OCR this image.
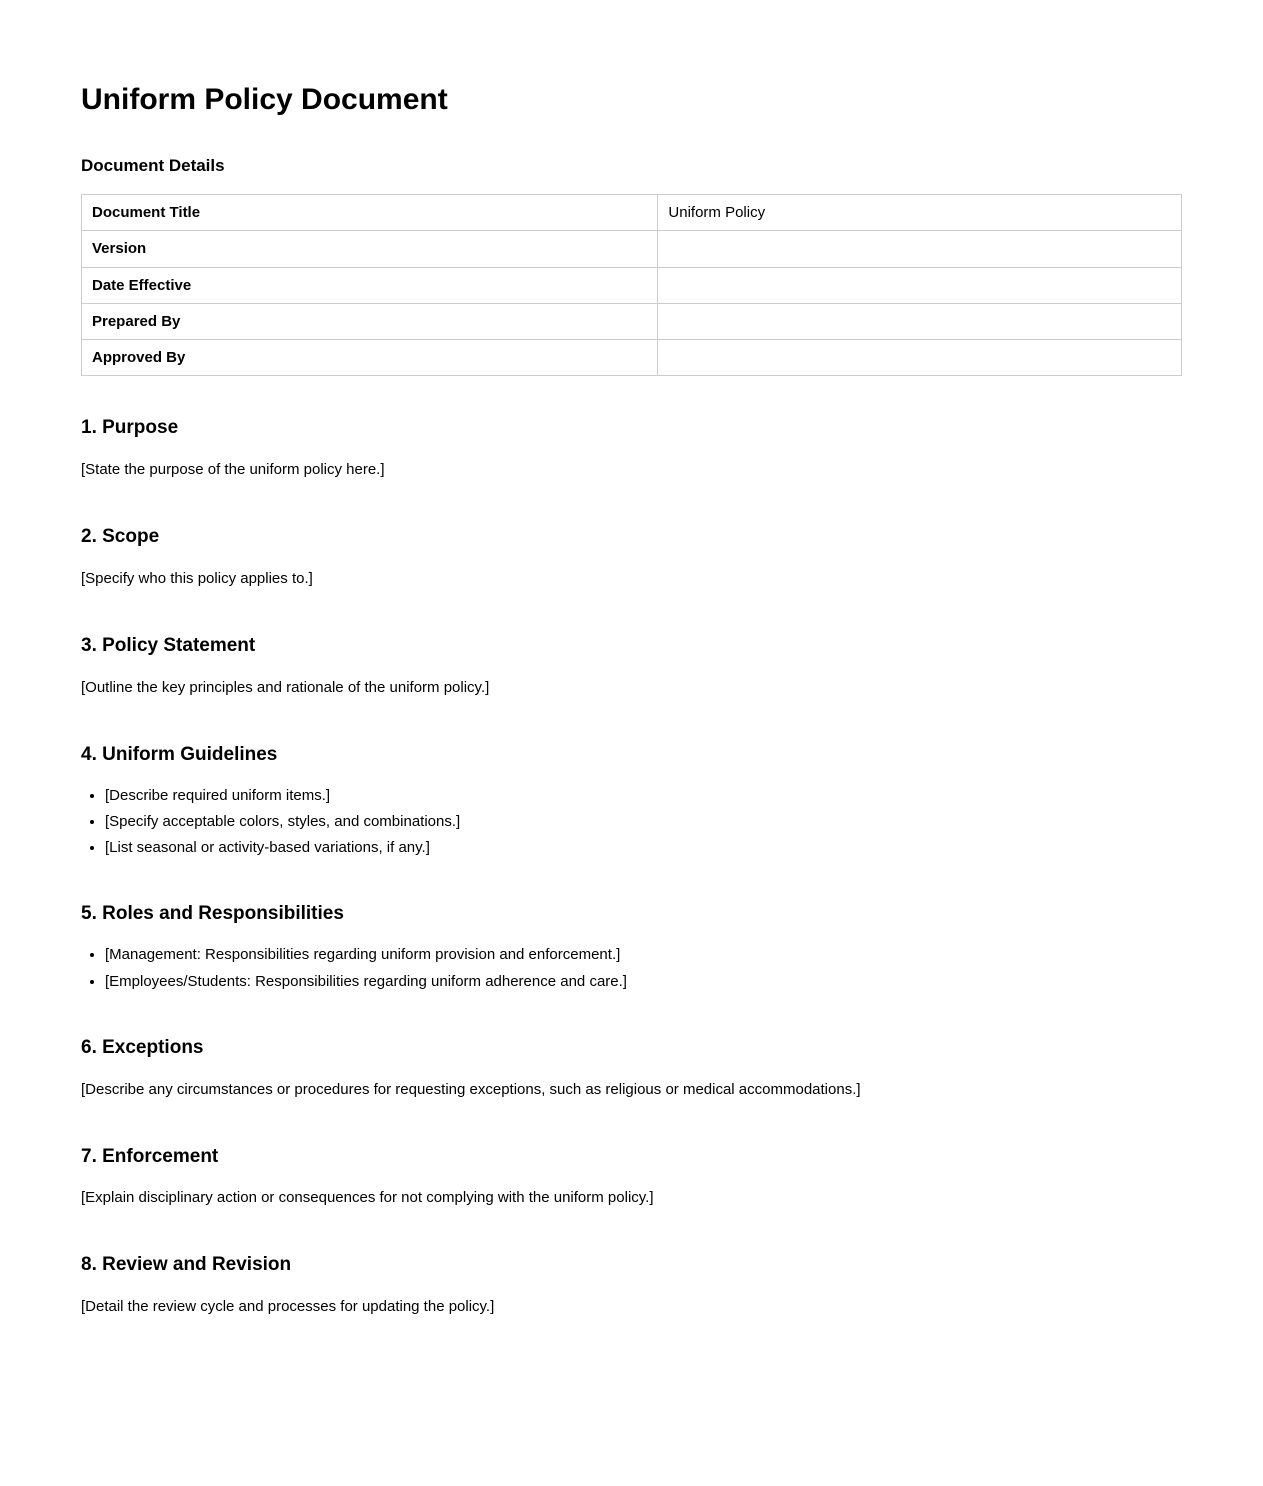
Uniform Policy Document
Document Details
Document Title	Uniform Policy
Version	
Date Effective	
Prepared By	
Approved By	
1. Purpose

[State the purpose of the uniform policy here.]

2. Scope

[Specify who this policy applies to.]

3. Policy Statement

[Outline the key principles and rationale of the uniform policy.]

4. Uniform Guidelines
• [Describe required uniform items.]
• [Specify acceptable colors, styles, and combinations.]
• [List seasonal or activity-based variations, if any.]
5. Roles and Responsibilities
• [Management: Responsibilities regarding uniform provision and enforcement.]
• [Employees/Students: Responsibilities regarding uniform adherence and care.]
6. Exceptions

[Describe any circumstances or procedures for requesting exceptions, such as religious or medical accommodations.]

7. Enforcement

[Explain disciplinary action or consequences for not complying with the uniform policy.]

8. Review and Revision

[Detail the review cycle and processes for updating the policy.]
